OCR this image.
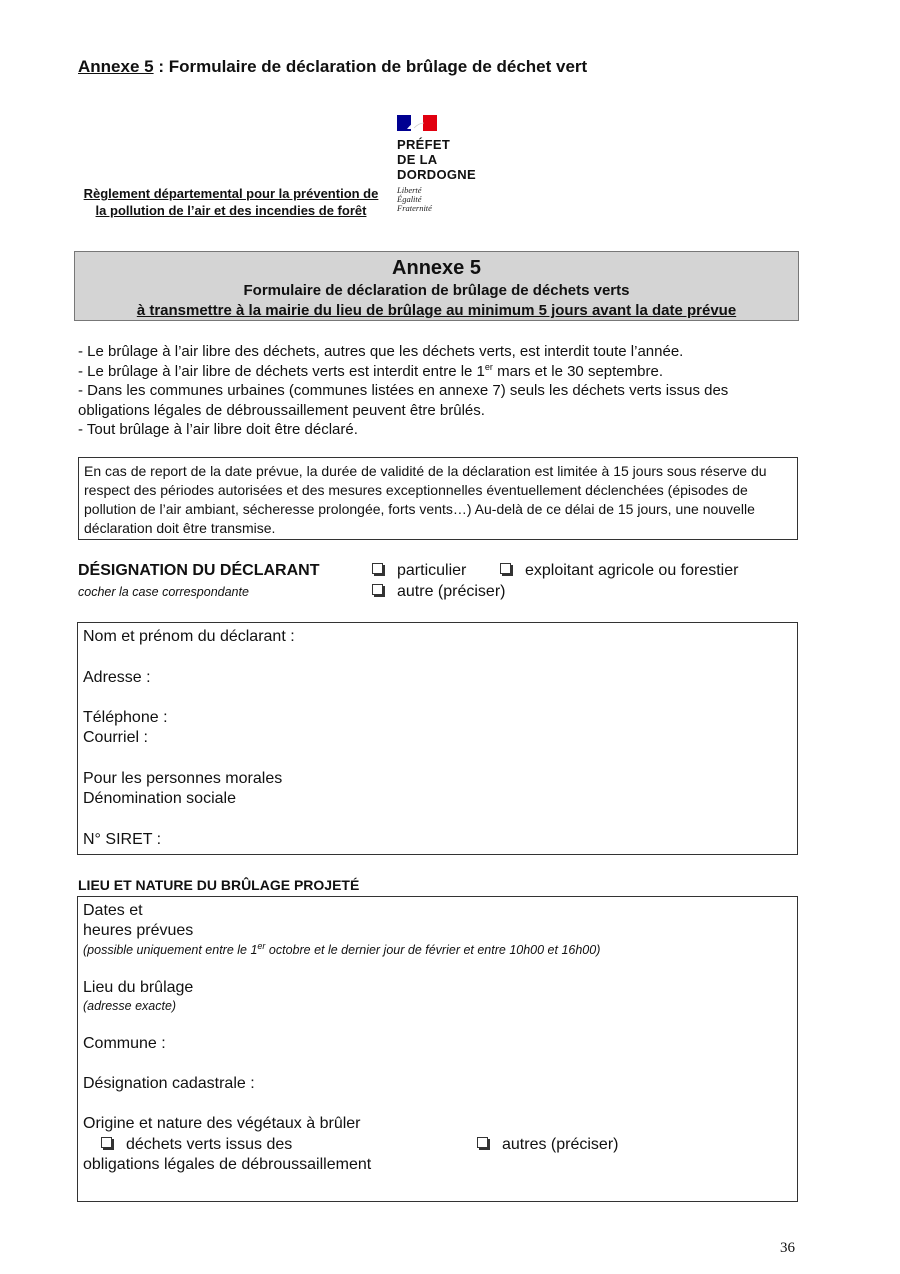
Annexe 5 : Formulaire de déclaration de brûlage de déchet vert
PRÉFET
DE LA
DORDOGNE
Liberté
Égalité
Fraternité
Règlement départemental pour la prévention de la pollution de l’air et des incendies de forêt
Annexe 5
Formulaire de déclaration de brûlage de déchets verts
à transmettre à la mairie du lieu de brûlage au minimum 5 jours avant la date prévue

- Le brûlage à l’air libre des déchets, autres que les déchets verts, est interdit toute l’année.

- Le brûlage à l’air libre de déchets verts est interdit entre le 1er mars et le 30 septembre.

- Dans les communes urbaines (communes listées en annexe 7) seuls les déchets verts issus des obligations légales de débroussaillement peuvent être brûlés.

- Tout brûlage à l’air libre doit être déclaré.

En cas de report de la date prévue, la durée de validité de la déclaration est limitée à 15 jours sous réserve du respect des périodes autorisées et des mesures exceptionnelles éventuellement déclenchées (épisodes de pollution de l’air ambiant, sécheresse prolongée, forts vents…) Au-delà de ce délai de 15 jours, une nouvelle déclaration doit être transmise.
DÉSIGNATION DU DÉCLARANT
cocher la case correspondante
particulier	exploitant agricole ou forestier
autre (préciser)

Nom et prénom du déclarant :

Adresse :

Téléphone :

Courriel :

Pour les personnes morales

Dénomination sociale

N° SIRET :

LIEU ET NATURE DU BRÛLAGE PROJETÉ

Dates et

heures prévues

(possible uniquement entre le 1er octobre et le dernier jour de février et entre 10h00 et 16h00)

Lieu du brûlage

(adresse exacte)

Commune :

Désignation cadastrale :

Origine et nature des végétaux à brûler

déchets verts issus des
obligations légales de débroussaillement
autres (préciser)
36
